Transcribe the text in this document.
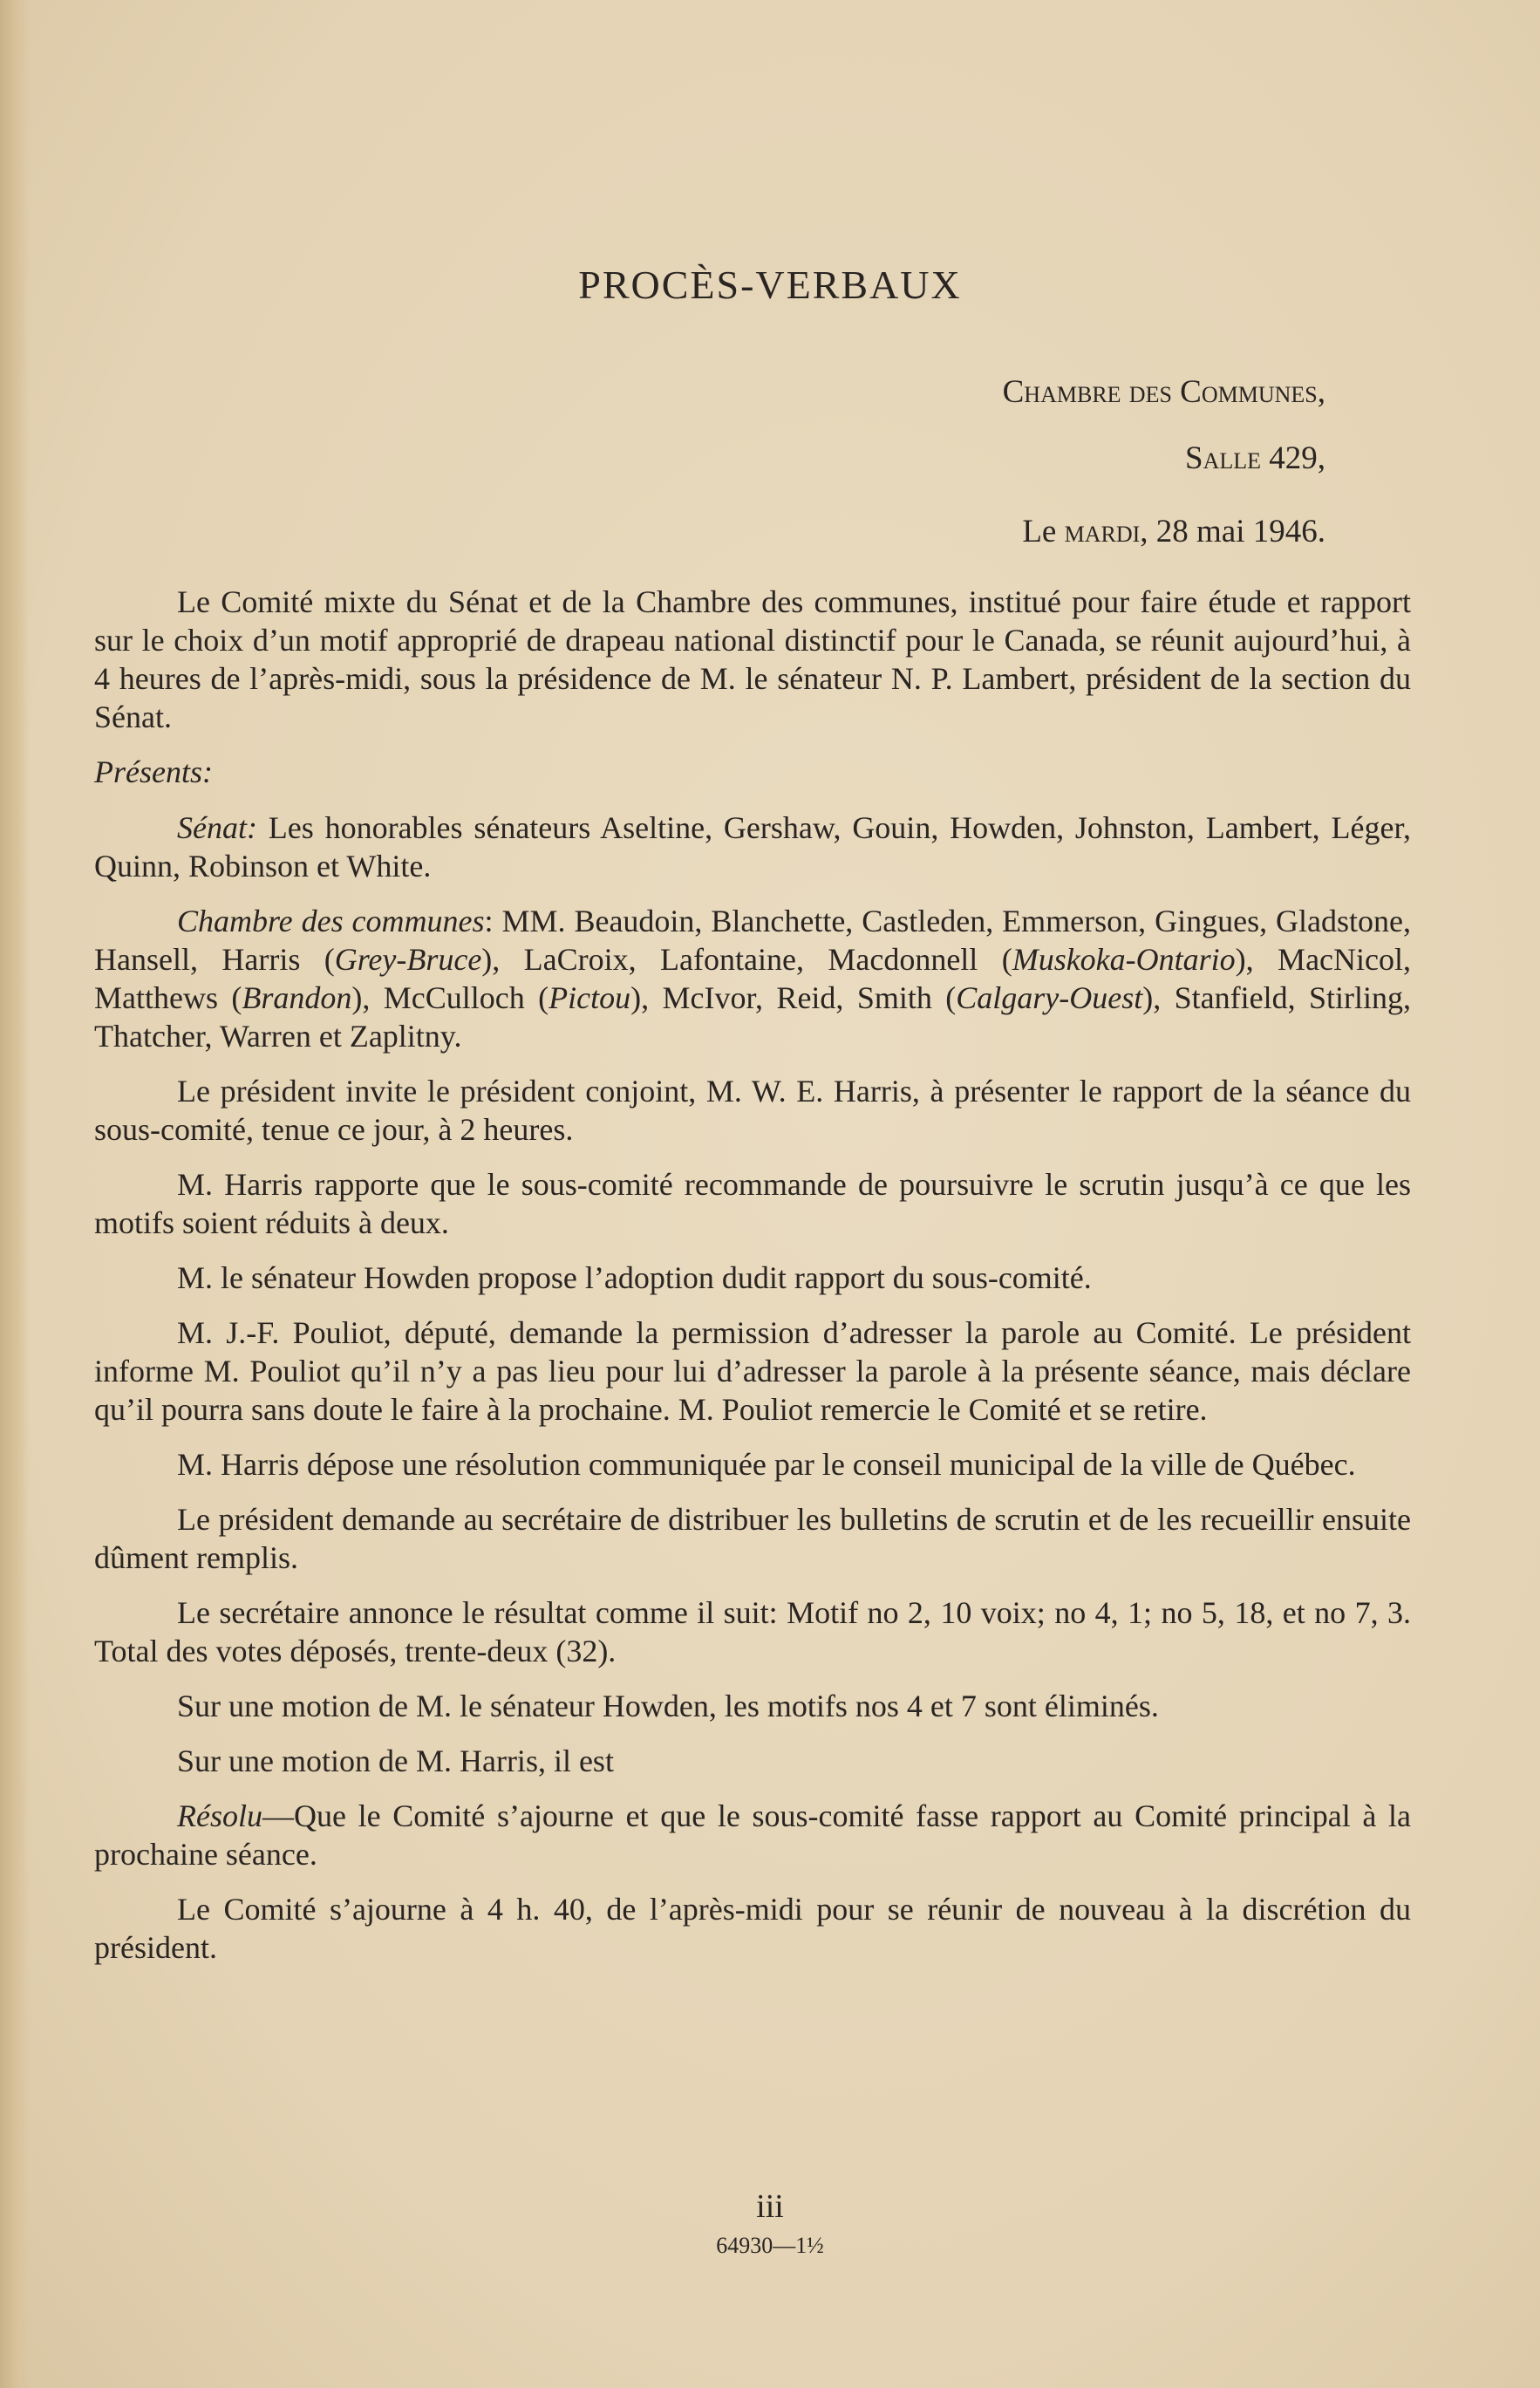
PROCÈS-VERBAUX
Chambre des Communes,
Salle 429,
Le mardi, 28 mai 1946.

Le Comité mixte du Sénat et de la Chambre des communes, institué pour faire étude et rapport sur le choix d’un motif approprié de drapeau national distinctif pour le Canada, se réunit aujourd’hui, à 4 heures de l’après-midi, sous la présidence de M. le sénateur N. P. Lambert, président de la section du Sénat.

Présents:

Sénat: Les honorables sénateurs Aseltine, Gershaw, Gouin, Howden, Johnston, Lambert, Léger, Quinn, Robinson et White.

Chambre des communes: MM. Beaudoin, Blanchette, Castleden, Emmerson, Gingues, Gladstone, Hansell, Harris (Grey-Bruce), LaCroix, Lafontaine, Macdonnell (Muskoka-Ontario), MacNicol, Matthews (Brandon), McCulloch (Pictou), McIvor, Reid, Smith (Calgary-Ouest), Stanfield, Stirling, Thatcher, Warren et Zaplitny.

Le président invite le président conjoint, M. W. E. Harris, à présenter le rapport de la séance du sous-comité, tenue ce jour, à 2 heures.

M. Harris rapporte que le sous-comité recommande de poursuivre le scrutin jusqu’à ce que les motifs soient réduits à deux.

M. le sénateur Howden propose l’adoption dudit rapport du sous-comité.

M. J.-F. Pouliot, député, demande la permission d’adresser la parole au Comité. Le président informe M. Pouliot qu’il n’y a pas lieu pour lui d’adresser la parole à la présente séance, mais déclare qu’il pourra sans doute le faire à la prochaine. M. Pouliot remercie le Comité et se retire.

M. Harris dépose une résolution communiquée par le conseil municipal de la ville de Québec.

Le président demande au secrétaire de distribuer les bulletins de scrutin et de les recueillir ensuite dûment remplis.

Le secrétaire annonce le résultat comme il suit: Motif no 2, 10 voix; no 4, 1; no 5, 18, et no 7, 3. Total des votes déposés, trente-deux (32).

Sur une motion de M. le sénateur Howden, les motifs nos 4 et 7 sont éliminés.

Sur une motion de M. Harris, il est

Résolu—Que le Comité s’ajourne et que le sous-comité fasse rapport au Comité principal à la prochaine séance.

Le Comité s’ajourne à 4 h. 40, de l’après-midi pour se réunir de nouveau à la discrétion du président.

iii
64930—1½
